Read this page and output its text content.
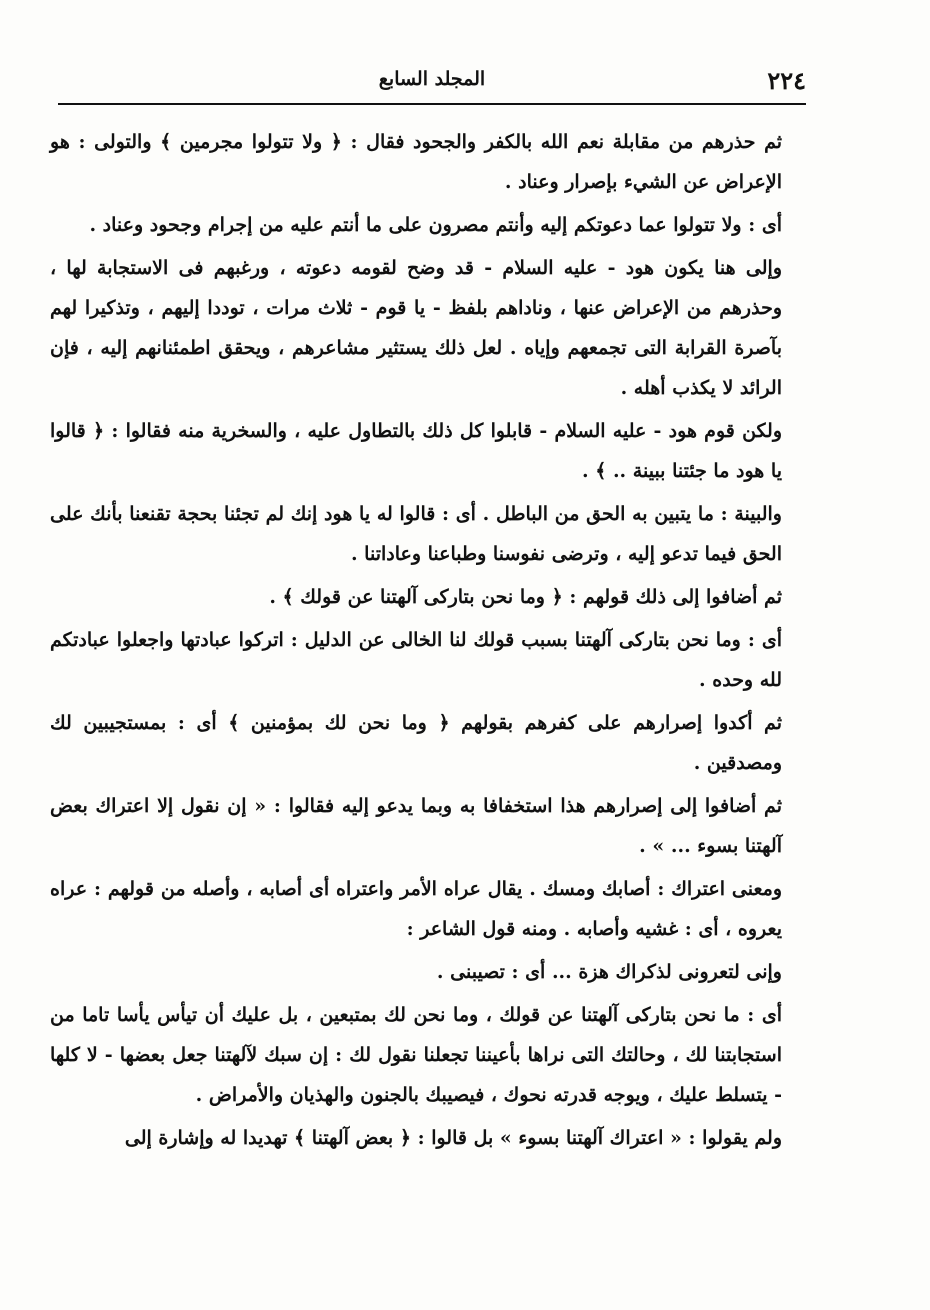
المجلد السابع	٢٢٤

ثم حذرهم من مقابلة نعم الله بالكفر والجحود فقال : ﴿ ولا تتولوا مجرمين ﴾ والتولى : هو الإعراض عن الشيء بإصرار وعناد .

أى : ولا تتولوا عما دعوتكم إليه وأنتم مصرون على ما أنتم عليه من إجرام وجحود وعناد .

وإلى هنا يكون هود - عليه السلام - قد وضح لقومه دعوته ، ورغبهم فى الاستجابة لها ، وحذرهم من الإعراض عنها ، وناداهم بلفظ - يا قوم - ثلاث مرات ، توددا إليهم ، وتذكيرا لهم بآصرة القرابة التى تجمعهم وإياه . لعل ذلك يستثير مشاعرهم ، ويحقق اطمئنانهم إليه ، فإن الرائد لا يكذب أهله .

ولكن قوم هود - عليه السلام - قابلوا كل ذلك بالتطاول عليه ، والسخرية منه فقالوا : ﴿ قالوا يا هود ما جئتنا ببينة .. ﴾ .

والبينة : ما يتبين به الحق من الباطل . أى : قالوا له يا هود إنك لم تجئنا بحجة تقنعنا بأنك على الحق فيما تدعو إليه ، وترضى نفوسنا وطباعنا وعاداتنا .

ثم أضافوا إلى ذلك قولهم : ﴿ وما نحن بتاركى آلهتنا عن قولك ﴾ .

أى : وما نحن بتاركى آلهتنا بسبب قولك لنا الخالى عن الدليل : اتركوا عبادتها واجعلوا عبادتكم لله وحده .

ثم أكدوا إصرارهم على كفرهم بقولهم ﴿ وما نحن لك بمؤمنين ﴾ أى : بمستجيبين لك ومصدقين .

ثم أضافوا إلى إصرارهم هذا استخفافا به وبما يدعو إليه فقالوا : « إن نقول إلا اعتراك بعض آلهتنا بسوء ... » .

ومعنى اعتراك : أصابك ومسك . يقال عراه الأمر واعتراه أى أصابه ، وأصله من قولهم : عراه يعروه ، أى : غشيه وأصابه . ومنه قول الشاعر :

وإنى لتعرونى لذكراك هزة ... أى : تصيبنى .

أى : ما نحن بتاركى آلهتنا عن قولك ، وما نحن لك بمتبعين ، بل عليك أن تيأس يأسا تاما من استجابتنا لك ، وحالتك التى نراها بأعيننا تجعلنا نقول لك : إن سبك لآلهتنا جعل بعضها - لا كلها - يتسلط عليك ، ويوجه قدرته نحوك ، فيصيبك بالجنون والهذيان والأمراض .

ولم يقولوا : « اعتراك آلهتنا بسوء » بل قالوا : ﴿ بعض آلهتنا ﴾ تهديدا له وإشارة إلى
